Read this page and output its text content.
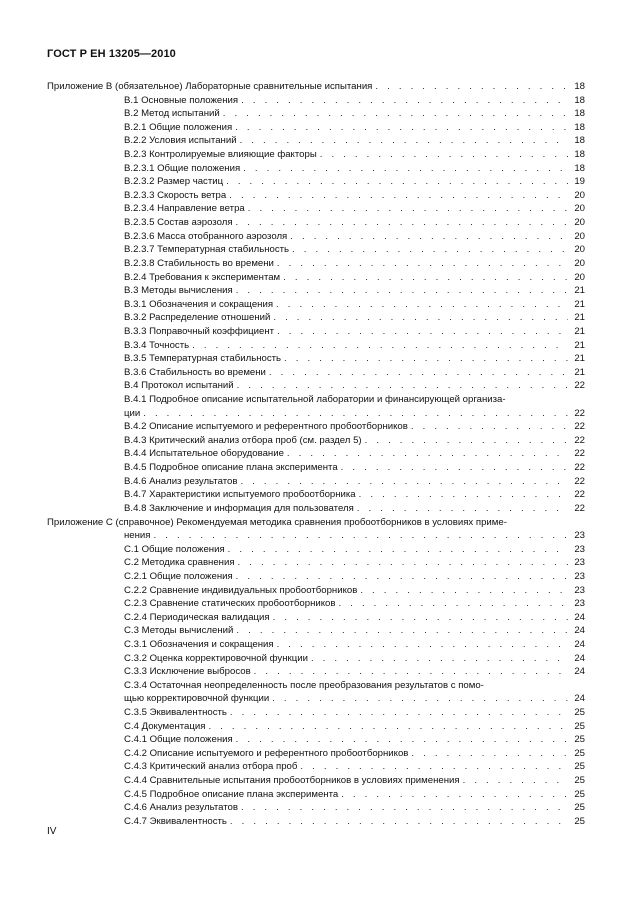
ГОСТ Р ЕН 13205—2010
Приложение В (обязательное) Лабораторные сравнительные испытания . . .	18
В.1 Основные положения . . .	18
В.2 Метод испытаний . . .	18
В.2.1 Общие положения . . .	18
В.2.2 Условия испытаний . . .	18
В.2.3 Контролируемые влияющие факторы . . .	18
В.2.3.1 Общие положения . . .	18
В.2.3.2 Размер частиц . . .	19
В.2.3.3 Скорость ветра . . .	20
В.2.3.4 Направление ветра . . .	20
В.2.3.5 Состав аэрозоля . . .	20
В.2.3.6 Масса отобранного аэрозоля . . .	20
В.2.3.7 Температурная стабильность . . .	20
В.2.3.8 Стабильность во времени . . .	20
В.2.4 Требования к экспериментам . . .	20
В.3 Методы вычисления . . .	21
В.3.1 Обозначения и сокращения . . .	21
В.3.2 Распределение отношений . . .	21
В.3.3 Поправочный коэффициент . . .	21
В.3.4 Точность . . .	21
В.3.5 Температурная стабильность . . .	21
В.3.6 Стабильность во времени . . .	21
В.4 Протокол испытаний . . .	22
В.4.1 Подробное описание испытательной лаборатории и финансирующей организа-
ции . . .	22
В.4.2 Описание испытуемого и референтного пробоотборников . . .	22
В.4.3 Критический анализ отбора проб (см. раздел 5) . . .	22
В.4.4 Испытательное оборудование . . .	22
В.4.5 Подробное описание плана эксперимента . . .	22
В.4.6 Анализ результатов . . .	22
В.4.7 Характеристики испытуемого пробоотборника . . .	22
В.4.8 Заключение и информация для пользователя . . .	22
Приложение С (справочное) Рекомендуемая методика сравнения пробоотборников в условиях приме-
нения . . .	23
С.1 Общие положения . . .	23
С.2 Методика сравнения . . .	23
С.2.1 Общие положения . . .	23
С.2.2 Сравнение индивидуальных пробоотборников . . .	23
С.2.3 Сравнение статических пробоотборников . . .	23
С.2.4 Периодическая валидация . . .	24
С.3 Методы вычислений . . .	24
С.3.1 Обозначения и сокращения . . .	24
С.3.2 Оценка корректировочной функции . . .	24
С.3.3 Исключение выбросов . . .	24
С.3.4 Остаточная неопределенность после преобразования результатов с помо-
щью корректировочной функции . . .	24
С.3.5 Эквивалентность . . .	25
С.4 Документация . . .	25
С.4.1 Общие положения . . .	25
С.4.2 Описание испытуемого и референтного пробоотборников . . .	25
С.4.3 Критический анализ отбора проб . . .	25
С.4.4 Сравнительные испытания пробоотборников в условиях применения . . .	25
С.4.5 Подробное описание плана эксперимента . . .	25
С.4.6 Анализ результатов . . .	25
С.4.7 Эквивалентность . . .	25
IV
